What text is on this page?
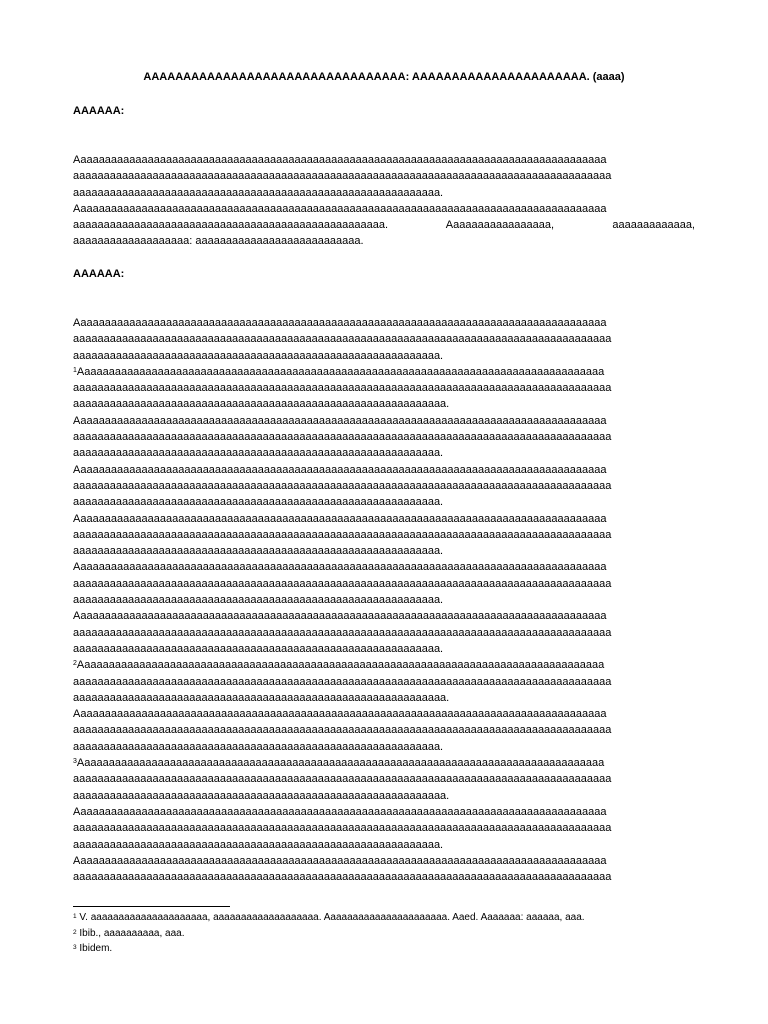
AAAAAAAAAAAAAAAAAAAAAAAAAAAAAAAAA: AAAAAAAAAAAAAAAAAAAAAA. (aaaa)
AAAAAA:
Aaaaaaaaaaaaaaaaaaaaaaaaaaaaaaaaaaaaaaaaaaaaaaaaaaaaaaaaaaaaaaaaaaaaaaaaaaaaaaaaaaaaaaa
aaaaaaaaaaaaaaaaaaaaaaaaaaaaaaaaaaaaaaaaaaaaaaaaaaaaaaaaaaaaaaaaaaaaaaaaaaaaaaaaaaaaaaaa
aaaaaaaaaaaaaaaaaaaaaaaaaaaaaaaaaaaaaaaaaaaaaaaaaaaaaaaaaaaa.
Aaaaaaaaaaaaaaaaaaaaaaaaaaaaaaaaaaaaaaaaaaaaaaaaaaaaaaaaaaaaaaaaaaaaaaaaaaaaaaaaaaaaaaa
aaaaaaaaaaaaaaaaaaaaaaaaaaaaaaaaaaaaaaaaaaaaaaaaaaa. Aaaaaaaaaaaaaaaaa, aaaaaaaaaaaaa,
aaaaaaaaaaaaaaaaaaa: aaaaaaaaaaaaaaaaaaaaaaaaaaa.
AAAAAA:
Aaaaaaaaaaaaaaaaaaaaaaaaaaaaaaaaaaaaaaaaaaaaaaaaaaaaaaaaaaaaaaaaaaaaaaaaaaaaaaaaaaaaaaa
aaaaaaaaaaaaaaaaaaaaaaaaaaaaaaaaaaaaaaaaaaaaaaaaaaaaaaaaaaaaaaaaaaaaaaaaaaaaaaaaaaaaaaaa
aaaaaaaaaaaaaaaaaaaaaaaaaaaaaaaaaaaaaaaaaaaaaaaaaaaaaaaaaaaa.
$^1$Aaaaaaaaaaaaaaaaaaaaaaaaaaaaaaaaaaaaaaaaaaaaaaaaaaaaaaaaaaaaaaaaaaaaaaaaaaaaaaaaaaaaaa
aaaaaaaaaaaaaaaaaaaaaaaaaaaaaaaaaaaaaaaaaaaaaaaaaaaaaaaaaaaaaaaaaaaaaaaaaaaaaaaaaaaaaaaa
aaaaaaaaaaaaaaaaaaaaaaaaaaaaaaaaaaaaaaaaaaaaaaaaaaaaaaaaaaaaa.
Aaaaaaaaaaaaaaaaaaaaaaaaaaaaaaaaaaaaaaaaaaaaaaaaaaaaaaaaaaaaaaaaaaaaaaaaaaaaaaaaaaaaaaa
aaaaaaaaaaaaaaaaaaaaaaaaaaaaaaaaaaaaaaaaaaaaaaaaaaaaaaaaaaaaaaaaaaaaaaaaaaaaaaaaaaaaaaaa
aaaaaaaaaaaaaaaaaaaaaaaaaaaaaaaaaaaaaaaaaaaaaaaaaaaaaaaaaaaa.
Aaaaaaaaaaaaaaaaaaaaaaaaaaaaaaaaaaaaaaaaaaaaaaaaaaaaaaaaaaaaaaaaaaaaaaaaaaaaaaaaaaaaaaa
aaaaaaaaaaaaaaaaaaaaaaaaaaaaaaaaaaaaaaaaaaaaaaaaaaaaaaaaaaaaaaaaaaaaaaaaaaaaaaaaaaaaaaaa
aaaaaaaaaaaaaaaaaaaaaaaaaaaaaaaaaaaaaaaaaaaaaaaaaaaaaaaaaaaa.
Aaaaaaaaaaaaaaaaaaaaaaaaaaaaaaaaaaaaaaaaaaaaaaaaaaaaaaaaaaaaaaaaaaaaaaaaaaaaaaaaaaaaaaa
aaaaaaaaaaaaaaaaaaaaaaaaaaaaaaaaaaaaaaaaaaaaaaaaaaaaaaaaaaaaaaaaaaaaaaaaaaaaaaaaaaaaaaaa
aaaaaaaaaaaaaaaaaaaaaaaaaaaaaaaaaaaaaaaaaaaaaaaaaaaaaaaaaaaa.
Aaaaaaaaaaaaaaaaaaaaaaaaaaaaaaaaaaaaaaaaaaaaaaaaaaaaaaaaaaaaaaaaaaaaaaaaaaaaaaaaaaaaaaa
aaaaaaaaaaaaaaaaaaaaaaaaaaaaaaaaaaaaaaaaaaaaaaaaaaaaaaaaaaaaaaaaaaaaaaaaaaaaaaaaaaaaaaaa
aaaaaaaaaaaaaaaaaaaaaaaaaaaaaaaaaaaaaaaaaaaaaaaaaaaaaaaaaaaa.
Aaaaaaaaaaaaaaaaaaaaaaaaaaaaaaaaaaaaaaaaaaaaaaaaaaaaaaaaaaaaaaaaaaaaaaaaaaaaaaaaaaaaaaa
aaaaaaaaaaaaaaaaaaaaaaaaaaaaaaaaaaaaaaaaaaaaaaaaaaaaaaaaaaaaaaaaaaaaaaaaaaaaaaaaaaaaaaaa
aaaaaaaaaaaaaaaaaaaaaaaaaaaaaaaaaaaaaaaaaaaaaaaaaaaaaaaaaaaa.
$^2$Aaaaaaaaaaaaaaaaaaaaaaaaaaaaaaaaaaaaaaaaaaaaaaaaaaaaaaaaaaaaaaaaaaaaaaaaaaaaaaaaaaaaaa
aaaaaaaaaaaaaaaaaaaaaaaaaaaaaaaaaaaaaaaaaaaaaaaaaaaaaaaaaaaaaaaaaaaaaaaaaaaaaaaaaaaaaaaa
aaaaaaaaaaaaaaaaaaaaaaaaaaaaaaaaaaaaaaaaaaaaaaaaaaaaaaaaaaaaa.
Aaaaaaaaaaaaaaaaaaaaaaaaaaaaaaaaaaaaaaaaaaaaaaaaaaaaaaaaaaaaaaaaaaaaaaaaaaaaaaaaaaaaaaa
aaaaaaaaaaaaaaaaaaaaaaaaaaaaaaaaaaaaaaaaaaaaaaaaaaaaaaaaaaaaaaaaaaaaaaaaaaaaaaaaaaaaaaaa
aaaaaaaaaaaaaaaaaaaaaaaaaaaaaaaaaaaaaaaaaaaaaaaaaaaaaaaaaaaa.
$^3$Aaaaaaaaaaaaaaaaaaaaaaaaaaaaaaaaaaaaaaaaaaaaaaaaaaaaaaaaaaaaaaaaaaaaaaaaaaaaaaaaaaaaaa
aaaaaaaaaaaaaaaaaaaaaaaaaaaaaaaaaaaaaaaaaaaaaaaaaaaaaaaaaaaaaaaaaaaaaaaaaaaaaaaaaaaaaaaa
aaaaaaaaaaaaaaaaaaaaaaaaaaaaaaaaaaaaaaaaaaaaaaaaaaaaaaaaaaaaa.
Aaaaaaaaaaaaaaaaaaaaaaaaaaaaaaaaaaaaaaaaaaaaaaaaaaaaaaaaaaaaaaaaaaaaaaaaaaaaaaaaaaaaaaa
aaaaaaaaaaaaaaaaaaaaaaaaaaaaaaaaaaaaaaaaaaaaaaaaaaaaaaaaaaaaaaaaaaaaaaaaaaaaaaaaaaaaaaaa
aaaaaaaaaaaaaaaaaaaaaaaaaaaaaaaaaaaaaaaaaaaaaaaaaaaaaaaaaaaa.
Aaaaaaaaaaaaaaaaaaaaaaaaaaaaaaaaaaaaaaaaaaaaaaaaaaaaaaaaaaaaaaaaaaaaaaaaaaaaaaaaaaaaaaa
aaaaaaaaaaaaaaaaaaaaaaaaaaaaaaaaaaaaaaaaaaaaaaaaaaaaaaaaaaaaaaaaaaaaaaaaaaaaaaaaaaaaaaaa
$^1$ V. aaaaaaaaaaaaaaaaaaaaa, aaaaaaaaaaaaaaaaaaa. Aaaaaaaaaaaaaaaaaaaaaa. Aaed. Aaaaaaa: aaaaaa, aaa.
$^2$ Ibib., aaaaaaaaaa, aaa.
$^3$ Ibidem.
